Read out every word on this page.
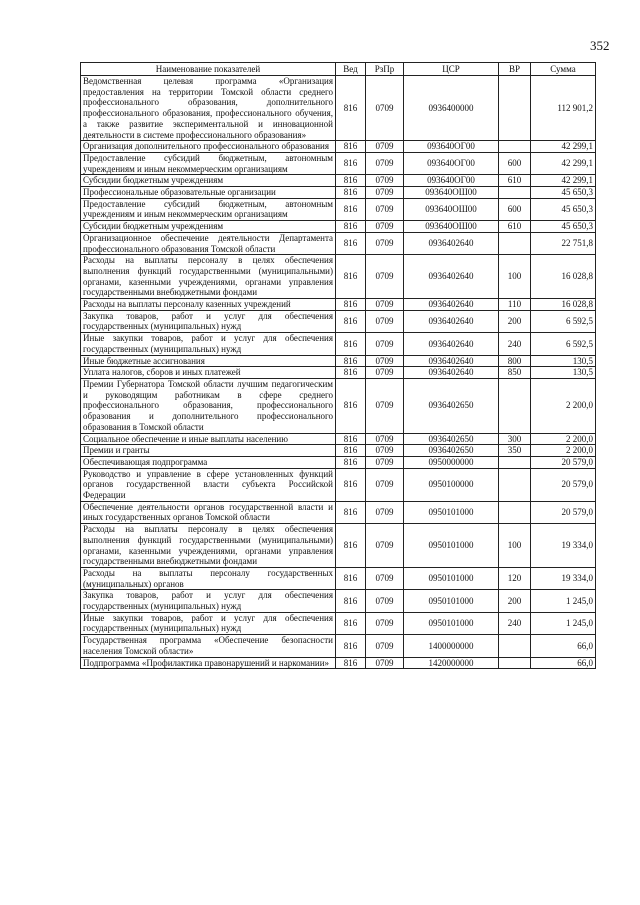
352
Наименование показателей	Вед	РзПр	ЦСР	ВР	Сумма
Ведомственная целевая программа «Организация предоставления на территории Томской области среднего профессионального образования, дополнительного профессионального образования, профессионального обучения, а также развитие экспериментальной и инновационной деятельности в системе профессионального образования»	816	0709	0936400000		112 901,2
Организация дополнительного профессионального образования	816	0709	093640ОГ00		42 299,1
Предоставление субсидий бюджетным, автономным учреждениям и иным некоммерческим организациям	816	0709	093640ОГ00	600	42 299,1
Субсидии бюджетным учреждениям	816	0709	093640ОГ00	610	42 299,1
Профессиональные образовательные организации	816	0709	093640ОШ00		45 650,3
Предоставление субсидий бюджетным, автономным учреждениям и иным некоммерческим организациям	816	0709	093640ОШ00	600	45 650,3
Субсидии бюджетным учреждениям	816	0709	093640ОШ00	610	45 650,3
Организационное обеспечение деятельности Департамента профессионального образования Томской области	816	0709	0936402640		22 751,8
Расходы на выплаты персоналу в целях обеспечения выполнения функций государственными (муниципальными) органами, казенными учреждениями, органами управления государственными внебюджетными фондами	816	0709	0936402640	100	16 028,8
Расходы на выплаты персоналу казенных учреждений	816	0709	0936402640	110	16 028,8
Закупка товаров, работ и услуг для обеспечения государственных (муниципальных) нужд	816	0709	0936402640	200	6 592,5
Иные закупки товаров, работ и услуг для обеспечения государственных (муниципальных) нужд	816	0709	0936402640	240	6 592,5
Иные бюджетные ассигнования	816	0709	0936402640	800	130,5
Уплата налогов, сборов и иных платежей	816	0709	0936402640	850	130,5
Премии Губернатора Томской области лучшим педагогическим и руководящим работникам в сфере среднего профессионального образования, профессионального образования и дополнительного профессионального образования в Томской области	816	0709	0936402650		2 200,0
Социальное обеспечение и иные выплаты населению	816	0709	0936402650	300	2 200,0
Премии и гранты	816	0709	0936402650	350	2 200,0
Обеспечивающая подпрограмма	816	0709	0950000000		20 579,0
Руководство и управление в сфере установленных функций органов государственной власти субъекта Российской Федерации	816	0709	0950100000		20 579,0
Обеспечение деятельности органов государственной власти и иных государственных органов Томской области	816	0709	0950101000		20 579,0
Расходы на выплаты персоналу в целях обеспечения выполнения функций государственными (муниципальными) органами, казенными учреждениями, органами управления государственными внебюджетными фондами	816	0709	0950101000	100	19 334,0
Расходы на выплаты персоналу государственных (муниципальных) органов	816	0709	0950101000	120	19 334,0
Закупка товаров, работ и услуг для обеспечения государственных (муниципальных) нужд	816	0709	0950101000	200	1 245,0
Иные закупки товаров, работ и услуг для обеспечения государственных (муниципальных) нужд	816	0709	0950101000	240	1 245,0
Государственная программа «Обеспечение безопасности населения Томской области»	816	0709	1400000000		66,0
Подпрограмма «Профилактика правонарушений и наркомании»	816	0709	1420000000		66,0
